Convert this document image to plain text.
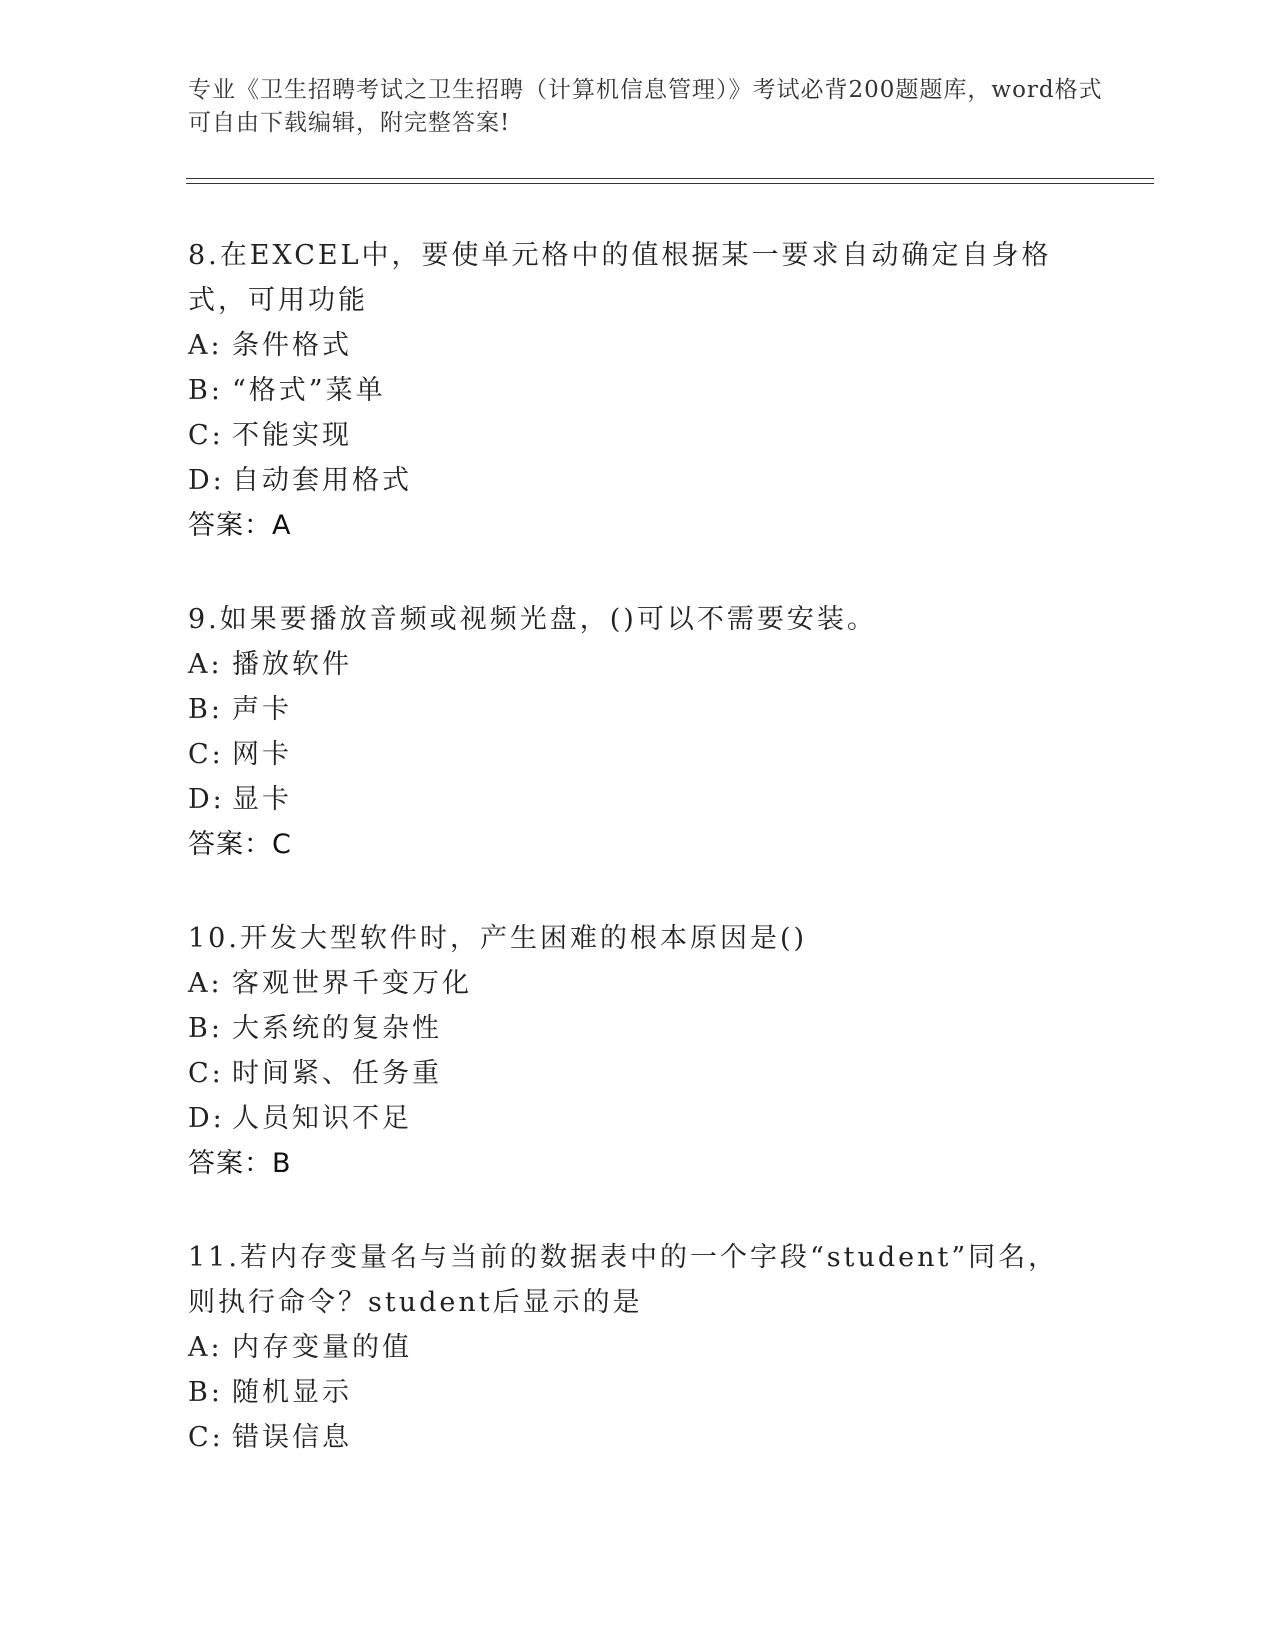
专业《卫生招聘考试之卫生招聘（计算机信息管理）》考试必背200题题库，word格式可自由下载编辑，附完整答案!

8.在EXCEL中，要使单元格中的值根据某一要求自动确定自身格式，可用功能

A: 条件格式
B: “格式”菜单
C: 不能实现
D: 自动套用格式
答案：A

9.如果要播放音频或视频光盘，()可以不需要安装。

A: 播放软件
B: 声卡
C: 网卡
D: 显卡
答案：C

10.开发大型软件时，产生困难的根本原因是()

A: 客观世界千变万化
B: 大系统的复杂性
C: 时间紧、任务重
D: 人员知识不足
答案：B

11.若内存变量名与当前的数据表中的一个字段“student”同名，则执行命令？student后显示的是

A: 内存变量的值
B: 随机显示
C: 错误信息
